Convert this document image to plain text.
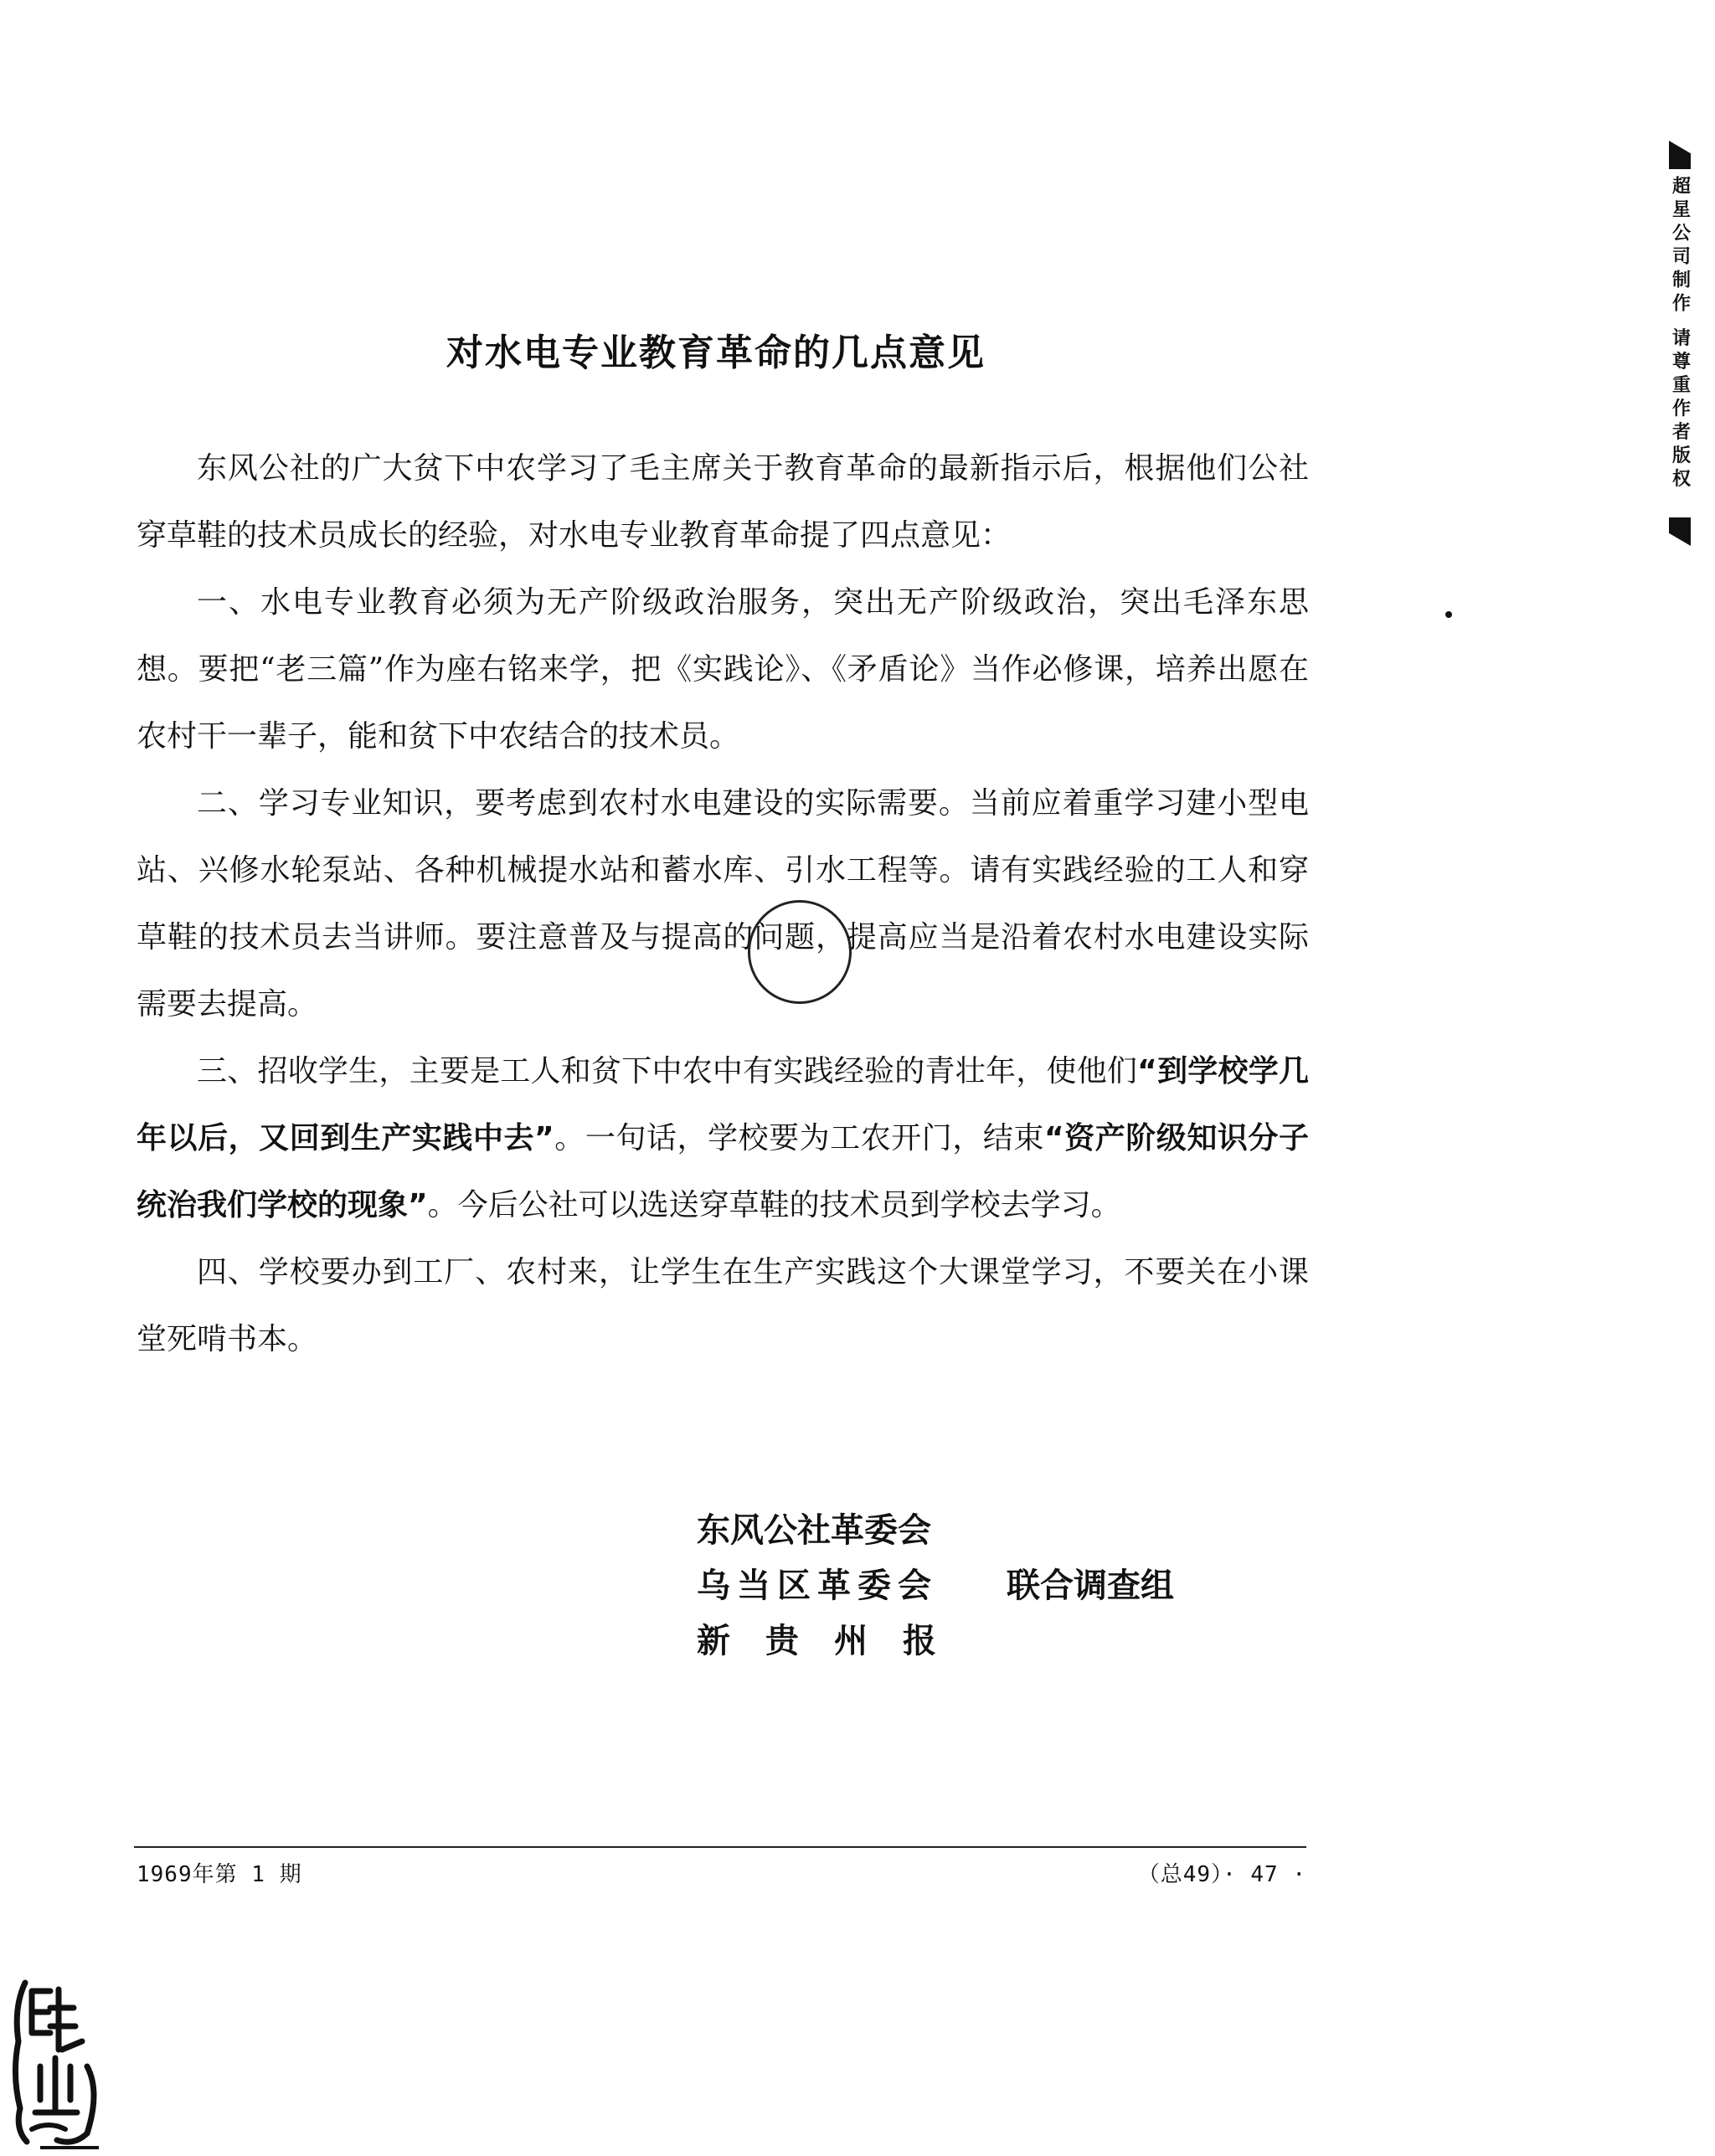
对水电专业教育革命的几点意见

东风公社的广大贫下中农学习了毛主席关于教育革命的最新指示后，根据他们公社穿草鞋的技术员成长的经验，对水电专业教育革命提了四点意见：

一、水电专业教育必须为无产阶级政治服务，突出无产阶级政治，突出毛泽东思想。要把“老三篇”作为座右铭来学，把《实践论》、《矛盾论》当作必修课，培养出愿在农村干一辈子，能和贫下中农结合的技术员。

二、学习专业知识，要考虑到农村水电建设的实际需要。当前应着重学习建小型电站、兴修水轮泵站、各种机械提水站和蓄水库、引水工程等。请有实践经验的工人和穿草鞋的技术员去当讲师。要注意普及与提高的问题，提高应当是沿着农村水电建设实际需要去提高。

三、招收学生，主要是工人和贫下中农中有实践经验的青壮年，使他们“到学校学几年以后，又回到生产实践中去”。一句话，学校要为工农开门，结束“资产阶级知识分子统治我们学校的现象”。今后公社可以选送穿草鞋的技术员到学校去学习。

四、学校要办到工厂、农村来，让学生在生产实践这个大课堂学习，不要关在小课堂死啃书本。

东风公社革委会
乌当区革委会	联合调查组
新贵州报
1969年第 1 期	（总49）· 47 ·
超星公司制作 请尊重作者版权
